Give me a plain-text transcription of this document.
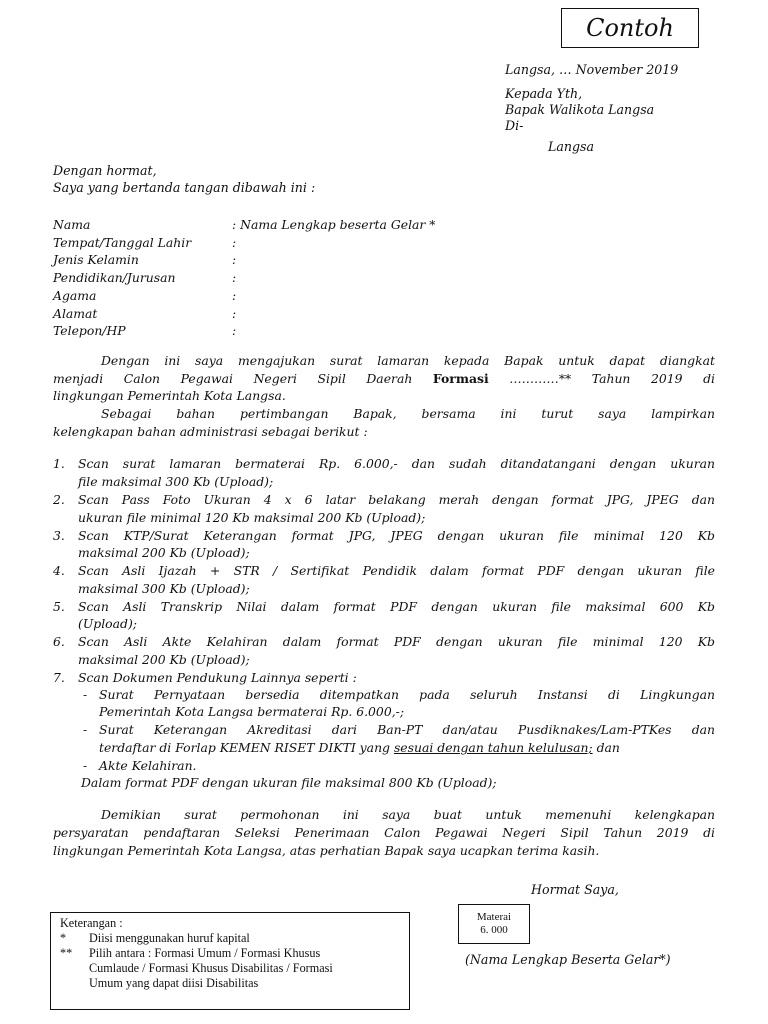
Contoh
Langsa, … November 2019
Kepada Yth,
Bapak Walikota Langsa
Di-
Langsa
Dengan hormat,
Saya yang bertanda tangan dibawah ini :
Nama	: Nama Lengkap beserta Gelar *
Tempat/Tanggal Lahir	:
Jenis Kelamin	:
Pendidikan/Jurusan	:
Agama	:
Alamat	:
Telepon/HP	:
Dengan ini saya mengajukan surat lamaran kepada Bapak untuk dapat diangkat
menjadi Calon Pegawai Negeri Sipil Daerah Formasi …………** Tahun 2019 di
lingkungan Pemerintah Kota Langsa.
Sebagai bahan pertimbangan Bapak, bersama ini turut saya lampirkan
kelengkapan bahan administrasi sebagai berikut :
1. Scan surat lamaran bermaterai Rp. 6.000,- dan sudah ditandatangani dengan ukuran
file maksimal 300 Kb (Upload);
2. Scan Pass Foto Ukuran 4 x 6 latar belakang merah dengan format JPG, JPEG dan
ukuran file minimal 120 Kb maksimal 200 Kb (Upload);
3. Scan KTP/Surat Keterangan format JPG, JPEG dengan ukuran file minimal 120 Kb
maksimal 200 Kb (Upload);
4. Scan Asli Ijazah + STR / Sertifikat Pendidik dalam format PDF dengan ukuran file
maksimal 300 Kb (Upload);
5. Scan Asli Transkrip Nilai dalam format PDF dengan ukuran file maksimal 600 Kb
(Upload);
6. Scan Asli Akte Kelahiran dalam format PDF dengan ukuran file minimal 120 Kb
maksimal 200 Kb (Upload);
7. Scan Dokumen Pendukung Lainnya seperti :
- Surat Pernyataan bersedia ditempatkan pada seluruh Instansi di Lingkungan
Pemerintah Kota Langsa bermaterai Rp. 6.000,-;
- Surat Keterangan Akreditasi dari Ban-PT dan/atau Pusdiknakes/Lam-PTKes dan
terdaftar di Forlap KEMEN RISET DIKTI yang sesuai dengan tahun kelulusan; dan
- Akte Kelahiran.
Dalam format PDF dengan ukuran file maksimal 800 Kb (Upload);
Demikian surat permohonan ini saya buat untuk memenuhi kelengkapan
persyaratan pendaftaran Seleksi Penerimaan Calon Pegawai Negeri Sipil Tahun 2019 di
lingkungan Pemerintah Kota Langsa, atas perhatian Bapak saya ucapkan terima kasih.
Hormat Saya,
Materai
6. 000
(Nama Lengkap Beserta Gelar*)
Keterangan :
* Diisi menggunakan huruf kapital
** Pilih antara : Formasi Umum / Formasi Khusus
Cumlaude / Formasi Khusus Disabilitas / Formasi
Umum yang dapat diisi Disabilitas
